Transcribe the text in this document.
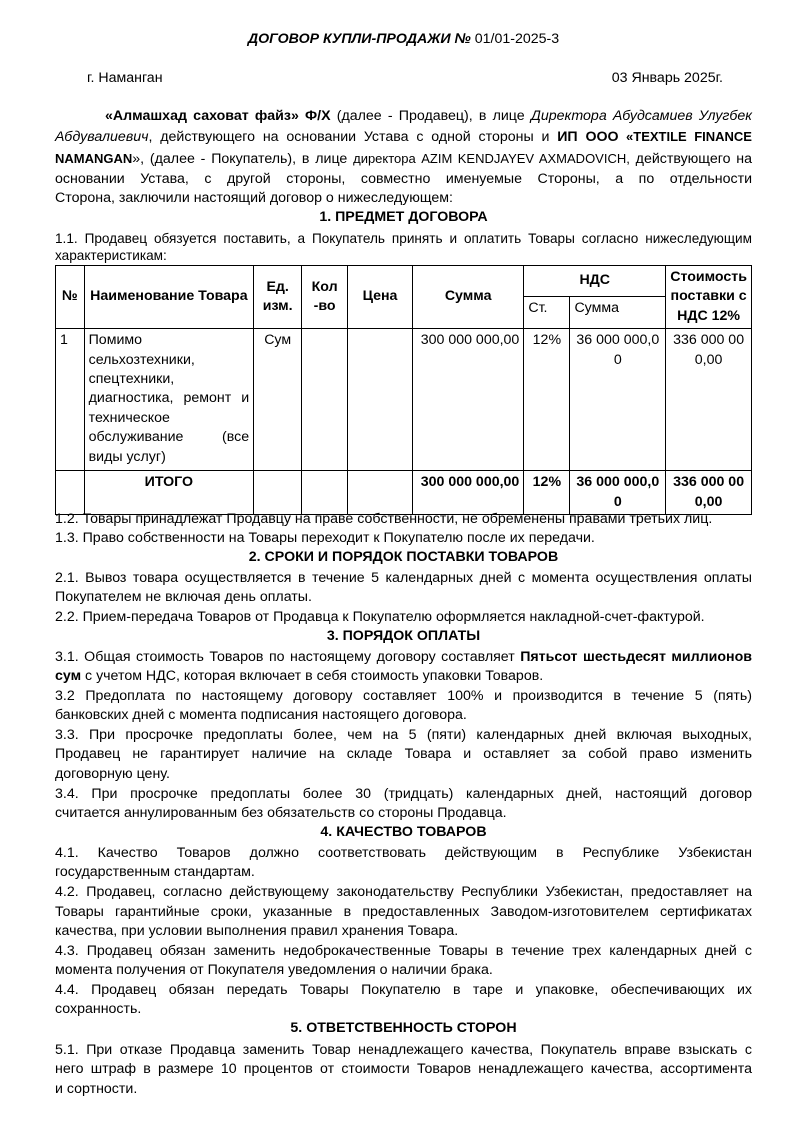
ДОГОВОР КУПЛИ-ПРОДАЖИ № 01/01-2025-3
г. Наманган	03 Январь 2025г.
«Алмашхад саховат файз» Ф/Х (далее - Продавец), в лице Директора Абудсамиев Улугбек
Абдувалиевич, действующего на основании Устава с одной стороны и ИП ООО «TEXTILE FINANCE
NAMANGAN», (далее - Покупатель), в лице директора AZIM KENDJAYEV AXMADOVICH, действующего на
основании Устава, с другой стороны, совместно именуемые Стороны, а по отдельности
Сторона, заключили настоящий договор о нижеследующем:
1. ПРЕДМЕТ ДОГОВОРА
1.1. Продавец обязуется поставить, а Покупатель принять и оплатить Товары согласно нижеследующим
характеристикам:
№	Наименование Товара	Ед. изм.	Кол -во	Цена	Сумма	НДС		Стоимость поставки с НДС 12%
						Ст.	Сумма	
1	Помимо сельхозтехники, спецтехники, диагностика, ремонт и техническое обслуживание (все виды услуг)	Сум			300 000 000,00	12%	36 000 000,00	336 000 000,00
	ИТОГО				300 000 000,00	12%	36 000 000,00	336 000 000,00
1.2. Товары принадлежат Продавцу на праве собственности, не обременены правами третьих лиц.
1.3. Право собственности на Товары переходит к Покупателю после их передачи.
2. СРОКИ И ПОРЯДОК ПОСТАВКИ ТОВАРОВ
2.1. Вывоз товара осуществляется в течение 5 календарных дней с момента осуществления оплаты
Покупателем не включая день оплаты.
2.2. Прием-передача Товаров от Продавца к Покупателю оформляется накладной-счет-фактурой.
3. ПОРЯДОК ОПЛАТЫ
3.1. Общая стоимость Товаров по настоящему договору составляет Пятьсот шестьдесят миллионов
сум с учетом НДС, которая включает в себя стоимость упаковки Товаров.
3.2 Предоплата по настоящему договору составляет 100% и производится в течение 5 (пять)
банковских дней с момента подписания настоящего договора.
3.3. При просрочке предоплаты более, чем на 5 (пяти) календарных дней включая выходных,
Продавец не гарантирует наличие на складе Товара и оставляет за собой право изменить
договорную цену.
3.4. При просрочке предоплаты более 30 (тридцать) календарных дней, настоящий договор
считается аннулированным без обязательств со стороны Продавца.
4. КАЧЕСТВО ТОВАРОВ
4.1. Качество Товаров должно соответствовать действующим в Республике Узбекистан
государственным стандартам.
4.2. Продавец, согласно действующему законодательству Республики Узбекистан, предоставляет на
Товары гарантийные сроки, указанные в предоставленных Заводом-изготовителем сертификатах
качества, при условии выполнения правил хранения Товара.
4.3. Продавец обязан заменить недоброкачественные Товары в течение трех календарных дней с
момента получения от Покупателя уведомления о наличии брака.
4.4. Продавец обязан передать Товары Покупателю в таре и упаковке, обеспечивающих их
сохранность.
5. ОТВЕТСТВЕННОСТЬ СТОРОН
5.1. При отказе Продавца заменить Товар ненадлежащего качества, Покупатель вправе взыскать с
него штраф в размере 10 процентов от стоимости Товаров ненадлежащего качества, ассортимента
и сортности.
